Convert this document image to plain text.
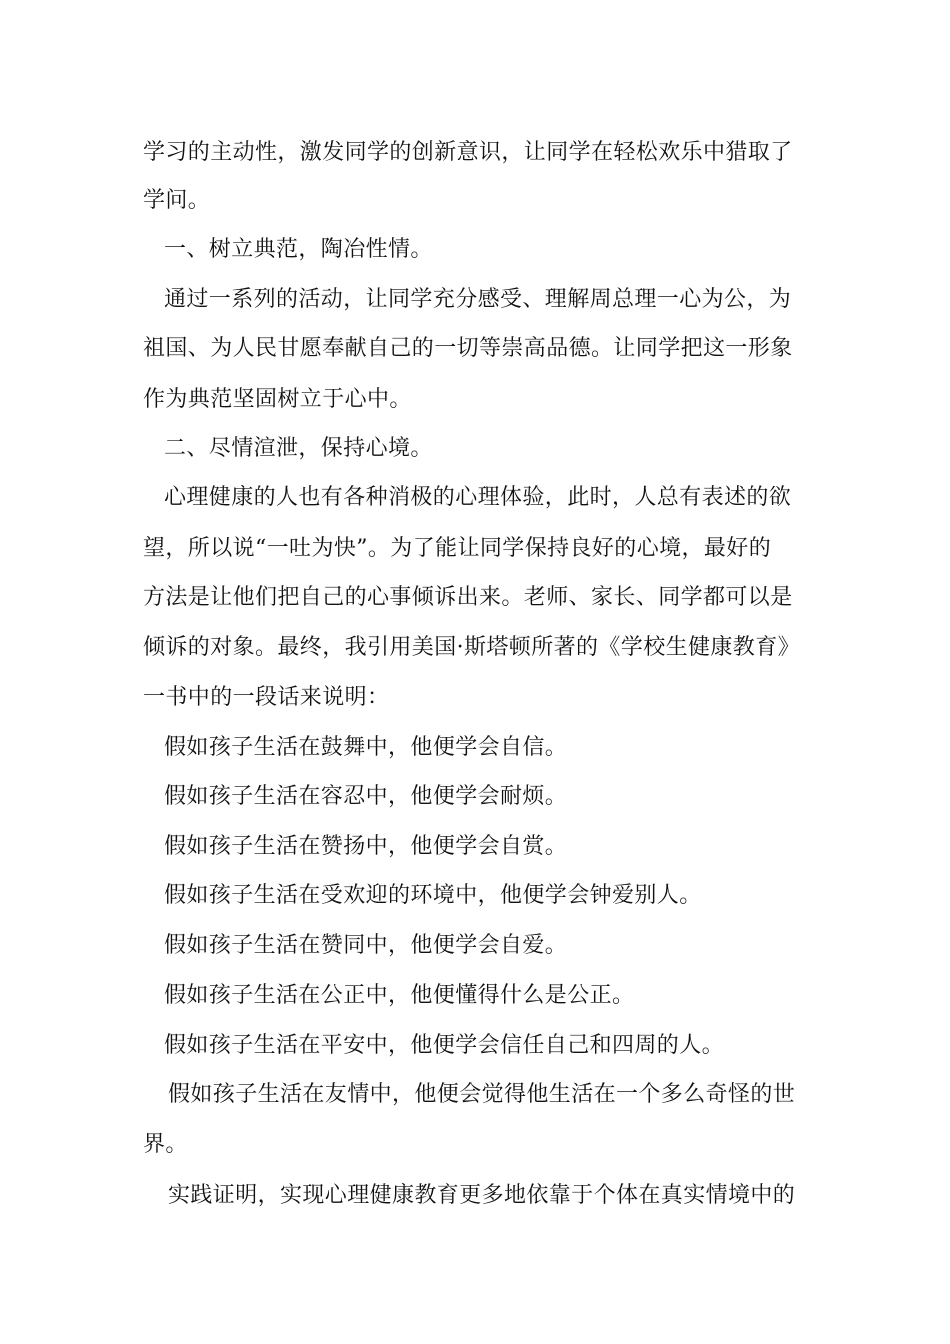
学习的主动性，激发同学的创新意识，让同学在轻松欢乐中猎取了
学问。
一、树立典范，陶冶性情。
通过一系列的活动，让同学充分感受、理解周总理一心为公，为
祖国、为人民甘愿奉献自己的一切等崇高品德。让同学把这一形象
作为典范坚固树立于心中。
二、尽情渲泄，保持心境。
心理健康的人也有各种消极的心理体验，此时，人总有表述的欲
望，所以说“一吐为快”。为了能让同学保持良好的心境，最好的
方法是让他们把自己的心事倾诉出来。老师、家长、同学都可以是
倾诉的对象。最终，我引用美国·斯塔顿所著的《学校生健康教育》
一书中的一段话来说明：
假如孩子生活在鼓舞中，他便学会自信。
假如孩子生活在容忍中，他便学会耐烦。
假如孩子生活在赞扬中，他便学会自赏。
假如孩子生活在受欢迎的环境中，他便学会钟爱别人。
假如孩子生活在赞同中，他便学会自爱。
假如孩子生活在公正中，他便懂得什么是公正。
假如孩子生活在平安中，他便学会信任自己和四周的人。
假如孩子生活在友情中，他便会觉得他生活在一个多么奇怪的世
界。
实践证明，实现心理健康教育更多地依靠于个体在真实情境中的
